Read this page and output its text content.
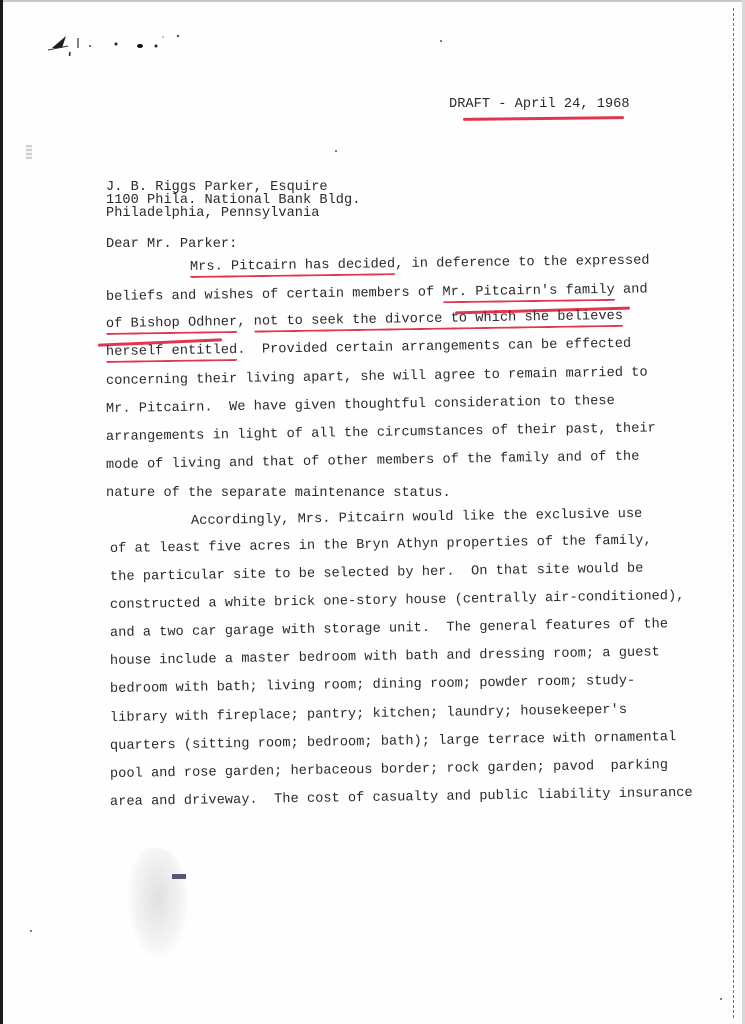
DRAFT - April 24, 1968
J. B. Riggs Parker, Esquire
1100 Phila. National Bank Bldg.
Philadelphia, Pennsylvania
Dear Mr. Parker:
Mrs. Pitcairn has decided, in deference to the expressed
beliefs and wishes of certain members of Mr. Pitcairn's family and
of Bishop Odhner, not to seek the divorce to which she believes
herself entitled.  Provided certain arrangements can be effected
concerning their living apart, she will agree to remain married to
Mr. Pitcairn.  We have given thoughtful consideration to these
arrangements in light of all the circumstances of their past, their
mode of living and that of other members of the family and of the
nature of the separate maintenance status.
Accordingly, Mrs. Pitcairn would like the exclusive use
of at least five acres in the Bryn Athyn properties of the family,
the particular site to be selected by her.  On that site would be
constructed a white brick one-story house (centrally air-conditioned),
and a two car garage with storage unit.  The general features of the
house include a master bedroom with bath and dressing room; a guest
bedroom with bath; living room; dining room; powder room; study-
library with fireplace; pantry; kitchen; laundry; housekeeper's
quarters (sitting room; bedroom; bath); large terrace with ornamental
pool and rose garden; herbaceous border; rock garden; pavod  parking
area and driveway.  The cost of casualty and public liability insurance
